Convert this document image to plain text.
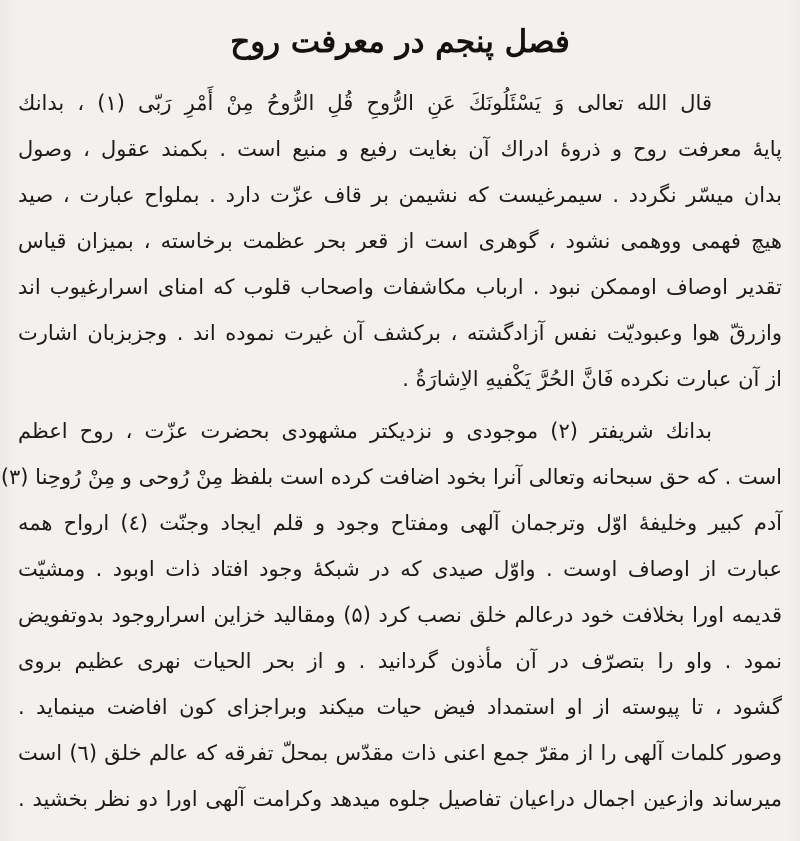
فصل پنجم در معرفت روح
قال الله تعالی وَ یَسْئَلُونَكَ عَنِ الرُّوحِ قُلِ الرُّوحُ مِنْ أَمْرِ رَبّی (۱) ، بدانك
پایهٔ معرفت روح و ذروهٔ ادراك آن بغایت رفیع و منیع است . بكمند عقول ، وصول
بدان میسّر نگردد . سیمرغیست كه نشیمن بر قاف عزّت دارد . بملواح عبارت ، صید
هیچ فهمی ووهمی نشود ، گوهری است از قعر بحر عظمت برخاسته ، بمیزان قیاس
تقدیر اوصاف اوممكن نبود . ارباب مكاشفات واصحاب قلوب كه امنای اسرارغیوب اند
وازرقّ هوا وعبودیّت نفس آزادگشته ، بركشف آن غیرت نموده اند . وجزبزبان اشارت
از آن عبارت نكرده فَانَّ الحُرَّ یَكْفیهِ الاِشارَةُ .
بدانك شریفتر (۲) موجودی و نزدیكتر مشهودی بحضرت عزّت ، روح اعظم
است . كه حق سبحانه وتعالی آنرا بخود اضافت كرده است بلفظ مِنْ رُوحی و مِنْ رُوحِنا (۳)
آدم كبیر وخلیفهٔ اوّل وترجمان آلهی ومفتاح وجود و قلم ایجاد وجنّت (٤) ارواح همه
عبارت از اوصاف اوست . واوّل صیدی كه در شبكهٔ وجود افتاد ذات اوبود . ومشیّت
قدیمه اورا بخلافت خود درعالم خلق نصب كرد (۵) ومقالید خزاین اسراروجود بدوتفویض
نمود . واو را بتصرّف در آن مأذون گردانید . و از بحر الحیات نهری عظیم بروی
گشود ، تا پیوسته از او استمداد فیض حیات میكند وبراجزای كون افاضت مینماید .
وصور كلمات آلهی را از مقرّ جمع اعنی ذات مقدّس بمحلّ تفرقه كه عالم خلق (٦) است
میرساند وازعین اجمال دراعیان تفاصیل جلوه میدهد وكرامت آلهی اورا دو نظر بخشید .
